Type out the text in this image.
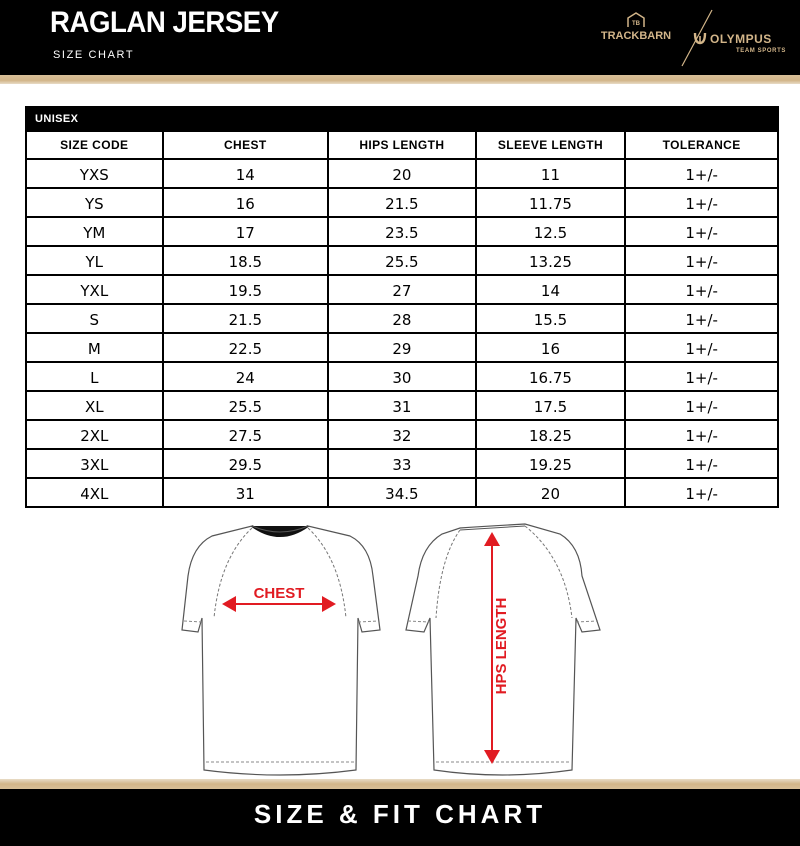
RAGLAN JERSEY
SIZE CHART
TB
TRACKBARN	OLYMPUS
TEAM SPORTS
UNISEX				
SIZE CODE	CHEST	HIPS LENGTH	SLEEVE LENGTH	TOLERANCE
YXS	14	20	11	1+/-
YS	16	21.5	11.75	1+/-
YM	17	23.5	12.5	1+/-
YL	18.5	25.5	13.25	1+/-
YXL	19.5	27	14	1+/-
S	21.5	28	15.5	1+/-
M	22.5	29	16	1+/-
L	24	30	16.75	1+/-
XL	25.5	31	17.5	1+/-
2XL	27.5	32	18.25	1+/-
3XL	29.5	33	19.25	1+/-
4XL	31	34.5	20	1+/-
CHEST
HPS LENGTH
SIZE & FIT CHART
